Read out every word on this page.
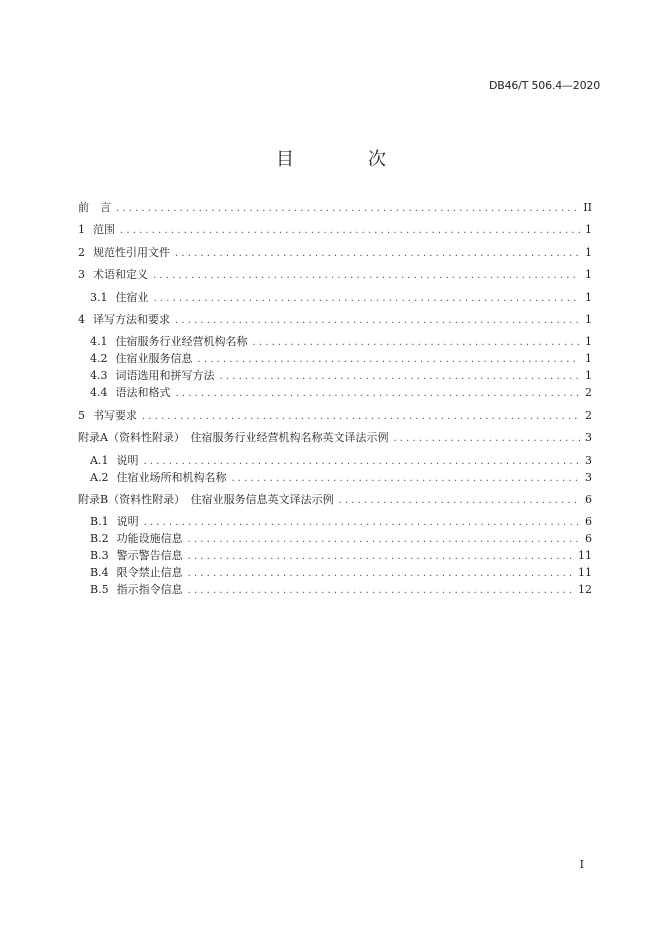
DB46/T 506.4—2020
目　次
前　言 . . .	II
1 范围 . . .	1
2 规范性引用文件 . . .	1
3 术语和定义 . . .	1
3.1 住宿业 . . .	1
4 译写方法和要求 . . .	1
4.1 住宿服务行业经营机构名称 . . .	1
4.2 住宿业服务信息 . . .	1
4.3 词语选用和拼写方法 . . .	1
4.4 语法和格式 . . .	2
5 书写要求 . . .	2
附录A（资料性附录）　住宿服务行业经营机构名称英文译法示例 . . .	3
A.1 说明 . . .	3
A.2 住宿业场所和机构名称 . . .	3
附录B（资料性附录）　住宿业服务信息英文译法示例 . . .	6
B.1 说明 . . .	6
B.2 功能设施信息 . . .	6
B.3 警示警告信息 . . .	11
B.4 限令禁止信息 . . .	11
B.5 指示指令信息 . . .	12
I
